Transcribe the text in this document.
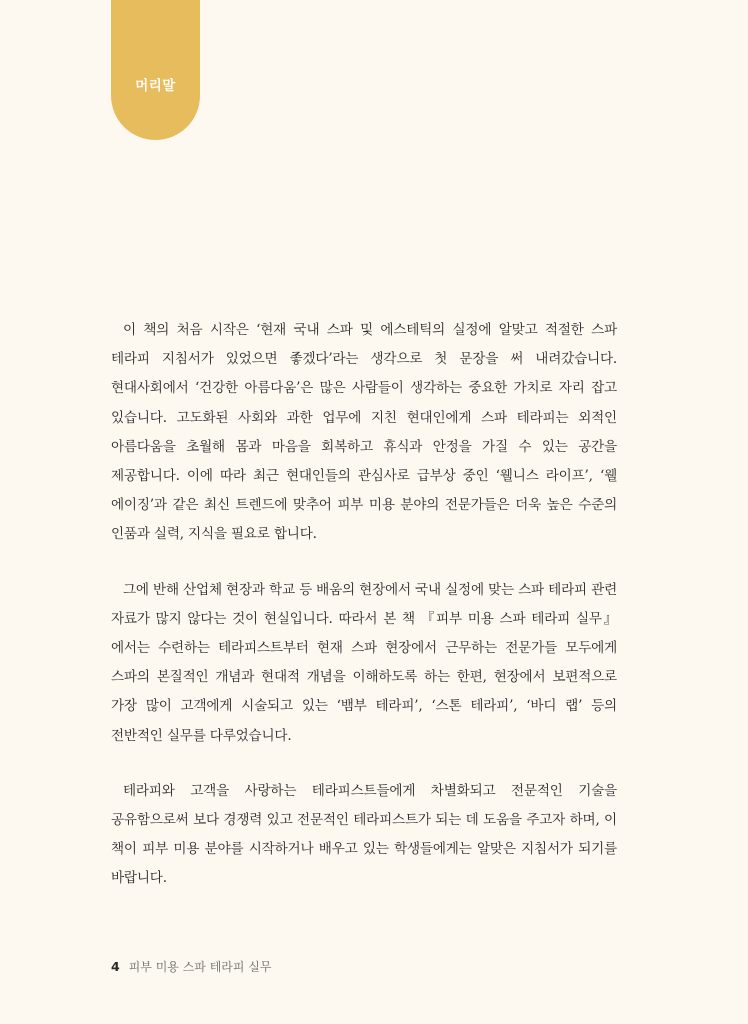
머리말

이 책의 처음 시작은 ‘현재 국내 스파 및 에스테틱의 실정에 알맞고 적절한 스파 테라피 지침서가 있었으면 좋겠다’라는 생각으로 첫 문장을 써 내려갔습니다. 현대사회에서 ‘건강한 아름다움’은 많은 사람들이 생각하는 중요한 가치로 자리 잡고 있습니다. 고도화된 사회와 과한 업무에 지친 현대인에게 스파 테라피는 외적인 아름다움을 초월해 몸과 마음을 회복하고 휴식과 안정을 가질 수 있는 공간을 제공합니다. 이에 따라 최근 현대인들의 관심사로 급부상 중인 ‘웰니스 라이프’, ‘웰 에이징’과 같은 최신 트렌드에 맞추어 피부 미용 분야의 전문가들은 더욱 높은 수준의 인품과 실력, 지식을 필요로 합니다.

그에 반해 산업체 현장과 학교 등 배움의 현장에서 국내 실정에 맞는 스파 테라피 관련 자료가 많지 않다는 것이 현실입니다. 따라서 본 책 『피부 미용 스파 테라피 실무』에서는 수련하는 테라피스트부터 현재 스파 현장에서 근무하는 전문가들 모두에게 스파의 본질적인 개념과 현대적 개념을 이해하도록 하는 한편, 현장에서 보편적으로 가장 많이 고객에게 시술되고 있는 ‘뱀부 테라피’, ‘스톤 테라피’, ‘바디 랩’ 등의 전반적인 실무를 다루었습니다.

테라피와 고객을 사랑하는 테라피스트들에게 차별화되고 전문적인 기술을 공유함으로써 보다 경쟁력 있고 전문적인 테라피스트가 되는 데 도움을 주고자 하며, 이 책이 피부 미용 분야를 시작하거나 배우고 있는 학생들에게는 알맞은 지침서가 되기를 바랍니다.

4 피부 미용 스파 테라피 실무
